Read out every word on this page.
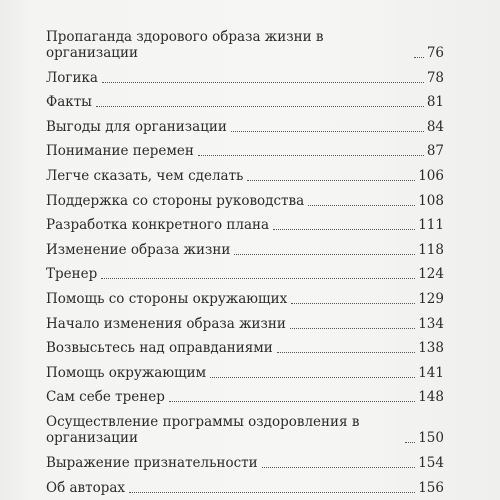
Пропаганда здорового образа жизни в организации	76
Логика	78
Факты	81
Выгоды для организации	84
Понимание перемен	87
Легче сказать, чем сделать	106
Поддержка со стороны руководства	108
Разработка конкретного плана	111
Изменение образа жизни	118
Тренер	124
Помощь со стороны окружающих	129
Начало изменения образа жизни	134
Возвысьтесь над оправданиями	138
Помощь окружающим	141
Сам себе тренер	148
Осуществление программы оздоровления в организации	150
Выражение признательности	154
Об авторах	156
